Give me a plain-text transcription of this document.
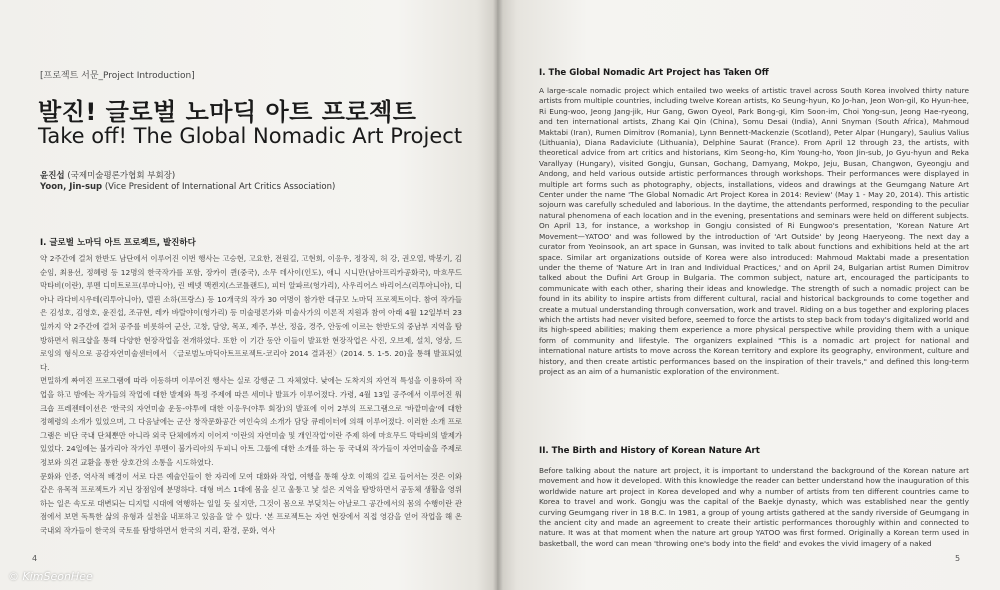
[프로젝트 서문_Project Introduction]
발진! 글로벌 노마딕 아트 프로젝트
Take off! The Global Nomadic Art Project
윤진섭 (국제미술평론가협회 부회장)
Yoon, Jin-sup (Vice President of International Art Critics Association)
Ⅰ. 글로벌 노마딕 아트 프로젝트, 발진하다

약 2주간에 걸쳐 한반도 남단에서 이루어진 이번 행사는 고승현, 고요한, 전원길, 고현희, 이응우, 정장직, 허 강, 권오열, 박봉기, 김순임, 최용선, 정혜령 등 12명의 한국작가를 포함, 장카이 퀸(중국), 소무 데사이(인도), 애니 시니만(남아프리카공화국), 마흐무드 막타비(이란), 루멘 디미트로프(루마니아), 린 베넷 맥켄지(스코틀랜드), 피터 알파르(헝가리), 사우리어스 바리어스(리투아니아), 디아나 라다비시우테(리투아니아), 델핀 소하(프랑스) 등 10개국의 작가 30 여명이 참가한 대규모 노마딕 프로젝트이다. 참여 작가들은 김성호, 김영호, 윤진섭, 조규현, 레카 바랄야이(헝가리) 등 미술평론가와 미술사가의 이론적 지원과 참여 아래 4월 12일부터 23일까지 약 2주간에 걸쳐 공주를 비롯하여 군산, 고창, 담양, 목포, 제주, 부산, 정읍, 경주, 안동에 이르는 한반도의 중남부 지역을 탐방하면서 워크샵을 통해 다양한 현장작업을 전개하였다. 또한 이 기간 동안 이들이 발표한 현장작업은 사진, 오브제, 설치, 영상, 드로잉의 형식으로 공감자연미술센터에서 〈글로벌노마딕아트프로젝트-코리아 2014 결과전〉(2014. 5. 1-5. 20)을 통해 발표되었다.

면밀하게 짜여진 프로그램에 따라 이동하며 이루어진 행사는 실로 강행군 그 자체였다. 낮에는 도착지의 자연적 특성을 이용하여 작업을 하고 밤에는 작가들의 작업에 대한 발제와 특정 주제에 따른 세미나 발표가 이루어졌다. 가령, 4월 13일 공주에서 이루어진 워크숍 프레젠테이션은 '한국의 자연미술 운동-야투에 대한 이응우(야투 회장)의 발표에 이어 2부의 프로그램으로 '바깥미술'에 대한 정혜령의 소개가 있었으며, 그 다음날에는 군산 창작문화공간 여인숙의 소개가 담당 큐레이터에 의해 이루어졌다. 이러한 소개 프로그램은 비단 국내 단체뿐만 아니라 외국 단체에까지 이어져 '이란의 자연미술 및 개인작업'이란 주제 하에 마흐무드 막타비의 발제가 있었다. 24일에는 불가리아 작가인 루멘이 불가리아의 두피니 아트 그룹에 대한 소개를 하는 등 국내외 작가들이 자연미술을 주제로 정보와 의견 교환을 통한 상호간의 소통을 시도하였다.

문화와 인종, 역사적 배경이 서로 다른 예술인들이 한 자리에 모여 대화와 작업, 여행을 통해 상호 이해의 길로 들어서는 것은 이와 같은 유목적 프로젝트가 지닌 장점임에 분명하다. 대형 버스 1대에 몸을 싣고 울퉁고 낯 설은 지역을 탐방하면서 공동체 생활을 영위하는 일은 속도로 대변되는 디지털 시대에 역행하는 일일 듯 싶지만, 그것이 몸으로 부딪치는 아날로그 공간에서의 몸의 수행이란 관점에서 보면 독특한 삶의 유형과 실천을 내포하고 있음을 알 수 있다. '본 프로젝트는 자연 현장에서 직접 영감을 얻어 작업을 해 온 국내외 작가들이 한국의 국토를 탐방하면서 한국의 지리, 환경, 문화, 역사

4
© KimSeonHee
I. The Global Nomadic Art Project has Taken Off
A large-scale nomadic project which entailed two weeks of artistic travel across South Korea involved thirty nature artists from multiple countries, including twelve Korean artists, Ko Seung-hyun, Ko Jo-han, Jeon Won-gil, Ko Hyun-hee, Ri Eung-woo, Jeong Jang-jik, Hur Gang, Gwon Oyeol, Park Bong-gi, Kim Soon-im, Choi Yong-sun, Jeong Hae-ryeong, and ten international artists, Zhang Kai Qin (China), Somu Desai (India), Anni Snyman (South Africa), Mahmoud Maktabi (Iran), Rumen Dimitrov (Romania), Lynn Bennett-Mackenzie (Scotland), Peter Alpar (Hungary), Saulius Valius (Lithuania), Diana Radaviciute (Lithuania), Delphine Saurat (France). From April 12 through 23, the artists, with theoretical advice from art critics and historians, Kim Seong-ho, Kim Young-ho, Yoon Jin-sub, Jo Gyu-hyun and Reka Varallyay (Hungary), visited Gongju, Gunsan, Gochang, Damyang, Mokpo, Jeju, Busan, Changwon, Gyeongju and Andong, and held various outside artistic performances through workshops. Their performances were displayed in multiple art forms such as photography, objects, installations, videos and drawings at the Geumgang Nature Art Center under the name 'The Global Nomadic Art Project Korea in 2014: Review' (May 1 - May 20, 2014). This artistic sojourn was carefully scheduled and laborious. In the daytime, the attendants performed, responding to the peculiar natural phenomena of each location and in the evening, presentations and seminars were held on different subjects. On April 13, for instance, a workshop in Gongju consisted of Ri Eungwoo's presentation, 'Korean Nature Art Movement—YATOO' and was followed by the introduction of 'Art Outside' by Jeong Haeryeong. The next day a curator from Yeoinsook, an art space in Gunsan, was invited to talk about functions and exhibitions held at the art space. Similar art organizations outside of Korea were also introduced: Mahmoud Maktabi made a presentation under the theme of 'Nature Art in Iran and Individual Practices,' and on April 24, Bulgarian artist Rumen Dimitrov talked about the Dufini Art Group in Bulgaria. The common subject, nature art, encouraged the participants to communicate with each other, sharing their ideas and knowledge. The strength of such a nomadic project can be found in its ability to inspire artists from different cultural, racial and historical backgrounds to come together and create a mutual understanding through conversation, work and travel. Riding on a bus together and exploring places which the artists had never visited before, seemed to force the artists to step back from today's digitalized world and its high-speed abilities; making them experience a more physical perspective while providing them with a unique form of community and lifestyle. The organizers explained "This is a nomadic art project for national and international nature artists to move across the Korean territory and explore its geography, environment, culture and history, and then create artistic performances based on the inspiration of their travels," and defined this long-term project as an aim of a humanistic exploration of the environment.
II. The Birth and History of Korean Nature Art
Before talking about the nature art project, it is important to understand the background of the Korean nature art movement and how it developed. With this knowledge the reader can better understand how the inauguration of this worldwide nature art project in Korea developed and why a number of artists from ten different countries came to Korea to travel and work. Gongju was the capital of the Baekje dynasty, which was established near the gently curving Geumgang river in 18 B.C. In 1981, a group of young artists gathered at the sandy riverside of Geumgang in the ancient city and made an agreement to create their artistic performances thoroughly within and connected to nature. It was at that moment when the nature art group YATOO was first formed. Originally a Korean term used in basketball, the word can mean 'throwing one's body into the field' and evokes the vivid imagery of a naked
5
